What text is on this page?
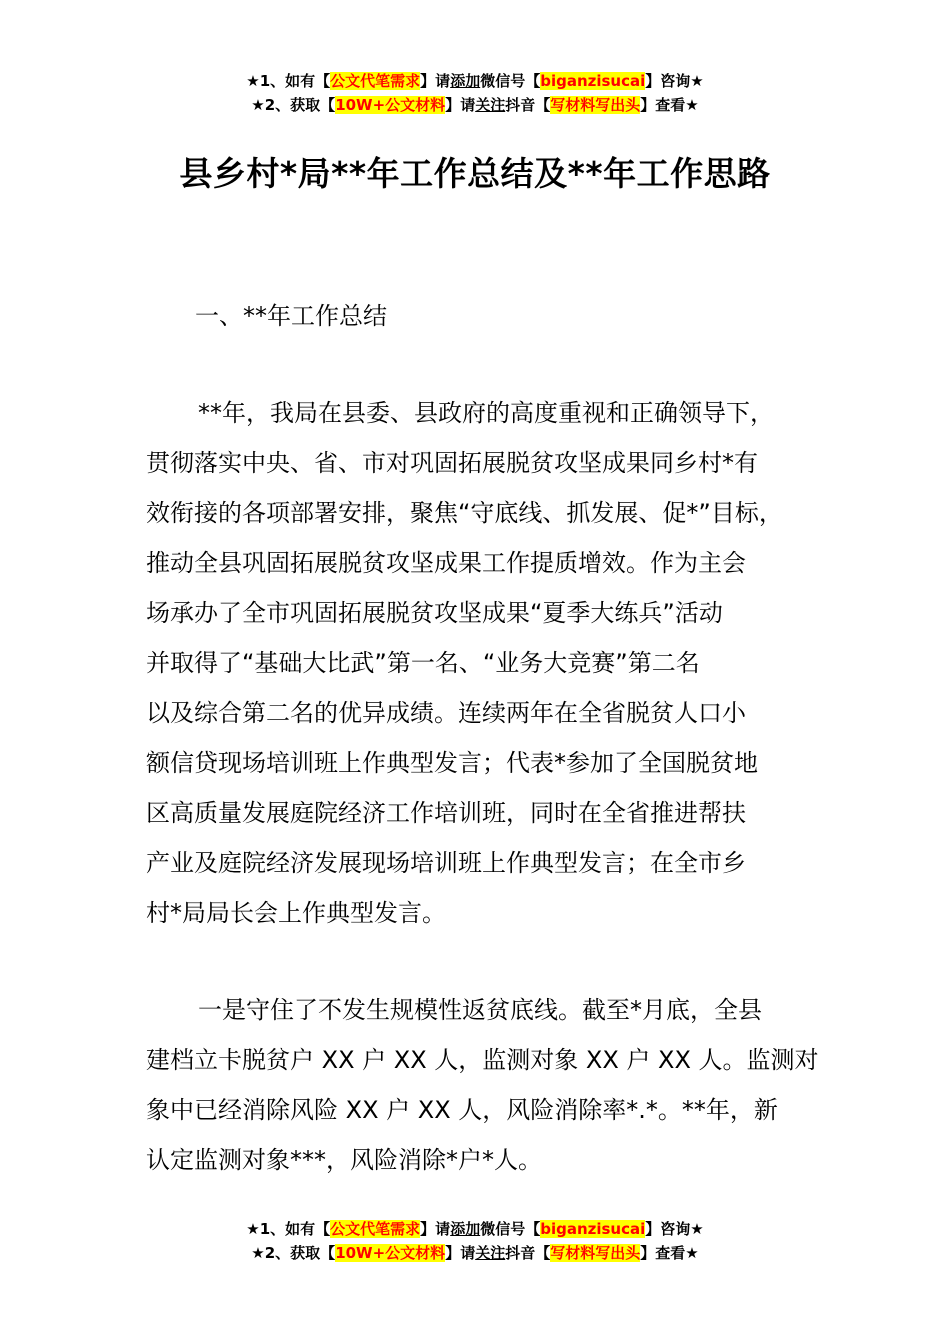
★1、如有【公文代笔需求】请添加微信号【biganzisucai】咨询★
★2、获取【10W+公文材料】请关注抖音【写材料写出头】查看★
县乡村*局**年工作总结及**年工作思路
一、**年工作总结
**年，我局在县委、县政府的高度重视和正确领导下，
贯彻落实中央、省、市对巩固拓展脱贫攻坚成果同乡村*有
效衔接的各项部署安排，聚焦“守底线、抓发展、促*”目标，
推动全县巩固拓展脱贫攻坚成果工作提质增效。作为主会
场承办了全市巩固拓展脱贫攻坚成果“夏季大练兵”活动
并取得了“基础大比武”第一名、“业务大竞赛”第二名
以及综合第二名的优异成绩。连续两年在全省脱贫人口小
额信贷现场培训班上作典型发言；代表*参加了全国脱贫地
区高质量发展庭院经济工作培训班，同时在全省推进帮扶
产业及庭院经济发展现场培训班上作典型发言；在全市乡
村*局局长会上作典型发言。
一是守住了不发生规模性返贫底线。截至*月底，全县
建档立卡脱贫户 XX 户 XX 人，监测对象 XX 户 XX 人。监测对
象中已经消除风险 XX 户 XX 人，风险消除率*.*。**年，新
认定监测对象***，风险消除*户*人。
★1、如有【公文代笔需求】请添加微信号【biganzisucai】咨询★
★2、获取【10W+公文材料】请关注抖音【写材料写出头】查看★
